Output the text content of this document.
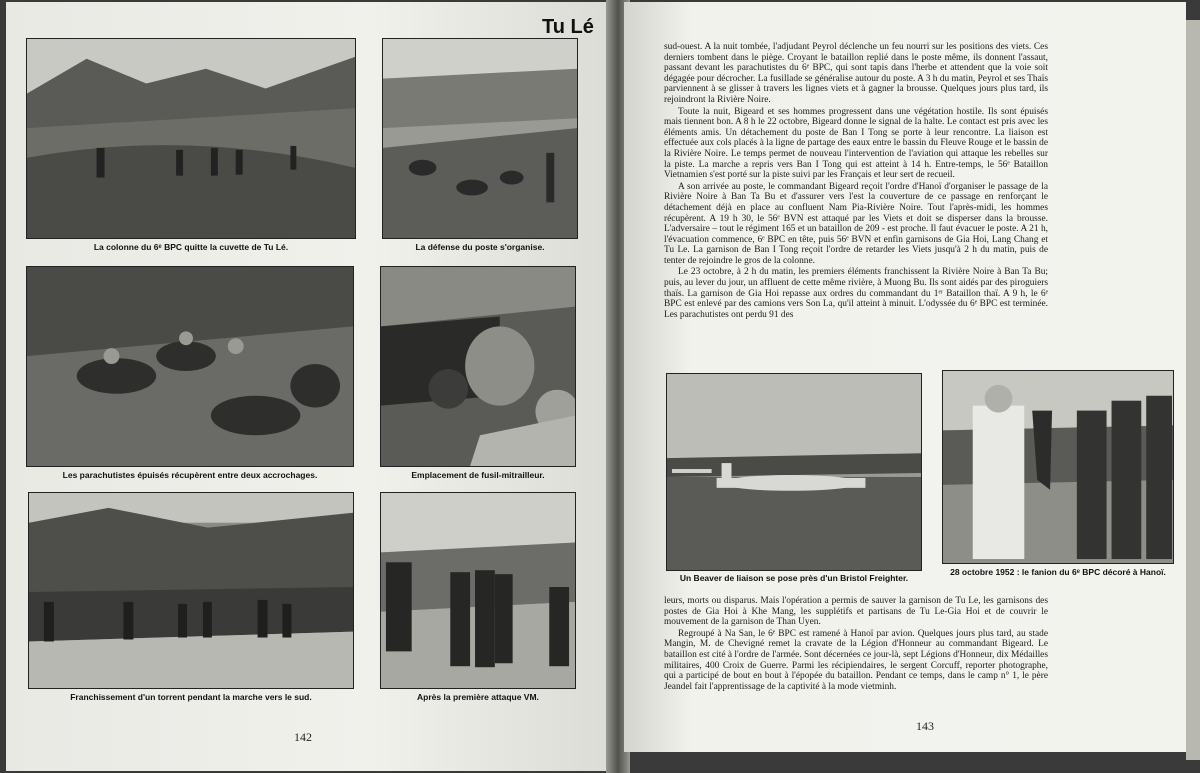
Tu Lé
La colonne du 6ᵉ BPC quitte la cuvette de Tu Lé.	La défense du poste s'organise.
Les parachutistes épuisés récupèrent entre deux accrochages.	Emplacement de fusil-mitrailleur.
Franchissement d'un torrent pendant la marche vers le sud.	Après la première attaque VM.
142

sud-ouest. A la nuit tombée, l'adjudant Peyrol déclenche un feu nourri sur les positions des viets. Ces derniers tombent dans le piège. Croyant le bataillon replié dans le poste même, ils donnent l'assaut, passant devant les parachutistes du 6ᵉ BPC, qui sont tapis dans l'herbe et attendent que la voie soit dégagée pour décrocher. La fusillade se généralise autour du poste. A 3 h du matin, Peyrol et ses Thaïs parviennent à se glisser à travers les lignes viets et à gagner la brousse. Quelques jours plus tard, ils rejoindront la Rivière Noire.

Toute la nuit, Bigeard et ses hommes progressent dans une végétation hostile. Ils sont épuisés mais tiennent bon. A 8 h le 22 octobre, Bigeard donne le signal de la halte. Le contact est pris avec les éléments amis. Un détachement du poste de Ban I Tong se porte à leur rencontre. La liaison est effectuée aux cols placés à la ligne de partage des eaux entre le bassin du Fleuve Rouge et le bassin de la Rivière Noire. Le temps permet de nouveau l'intervention de l'aviation qui attaque les rebelles sur la piste. La marche a repris vers Ban I Tong qui est atteint à 14 h. Entre-temps, le 56ᵉ Bataillon Vietnamien s'est porté sur la piste suivi par les Français et leur sert de recueil.

A son arrivée au poste, le commandant Bigeard reçoit l'ordre d'Hanoï d'organiser le passage de la Rivière Noire à Ban Ta Bu et d'assurer vers l'est la couverture de ce passage en renforçant le détachement déjà en place au confluent Nam Pia-Rivière Noire. Tout l'après-midi, les hommes récupèrent. A 19 h 30, le 56ᵉ BVN est attaqué par les Viets et doit se disperser dans la brousse. L'adversaire – tout le régiment 165 et un bataillon de 209 - est proche. Il faut évacuer le poste. A 21 h, l'évacuation commence, 6ᵉ BPC en tête, puis 56ᵉ BVN et enfin garnisons de Gia Hoi, Lang Chang et Tu Le. La garnison de Ban I Tong reçoit l'ordre de retarder les Viets jusqu'à 2 h du matin, puis de tenter de rejoindre le gros de la colonne.

Le 23 octobre, à 2 h du matin, les premiers éléments franchissent la Rivière Noire à Ban Ta Bu; puis, au lever du jour, un affluent de cette même rivière, à Muong Bu. Ils sont aidés par des piroguiers thaïs. La garnison de Gia Hoi repasse aux ordres du commandant du 1ᵉʳ Bataillon thaï. A 9 h, le 6ᵉ BPC est enlevé par des camions vers Son La, qu'il atteint à minuit. L'odyssée du 6ᵉ BPC est terminée. Les parachutistes ont perdu 91 des

Un Beaver de liaison se pose près d'un Bristol Freighter.
28 octobre 1952 : le fanion du 6ᵉ BPC décoré à Hanoï.

leurs, morts ou disparus. Mais l'opération a permis de sauver la garnison de Tu Le, les garnisons des postes de Gia Hoi à Khe Mang, les supplétifs et partisans de Tu Le-Gia Hoi et de couvrir le mouvement de la garnison de Than Uyen.

Regroupé à Na San, le 6ᵉ BPC est ramené à Hanoï par avion. Quelques jours plus tard, au stade Mangin, M. de Chevigné remet la cravate de la Légion d'Honneur au commandant Bigeard. Le bataillon est cité à l'ordre de l'armée. Sont décernées ce jour-là, sept Légions d'Honneur, dix Médailles militaires, 400 Croix de Guerre. Parmi les récipiendaires, le sergent Corcuff, reporter photographe, qui a participé de bout en bout à l'épopée du bataillon. Pendant ce temps, dans le camp n° 1, le père Jeandel fait l'apprentissage de la captivité à la mode vietminh.

143
